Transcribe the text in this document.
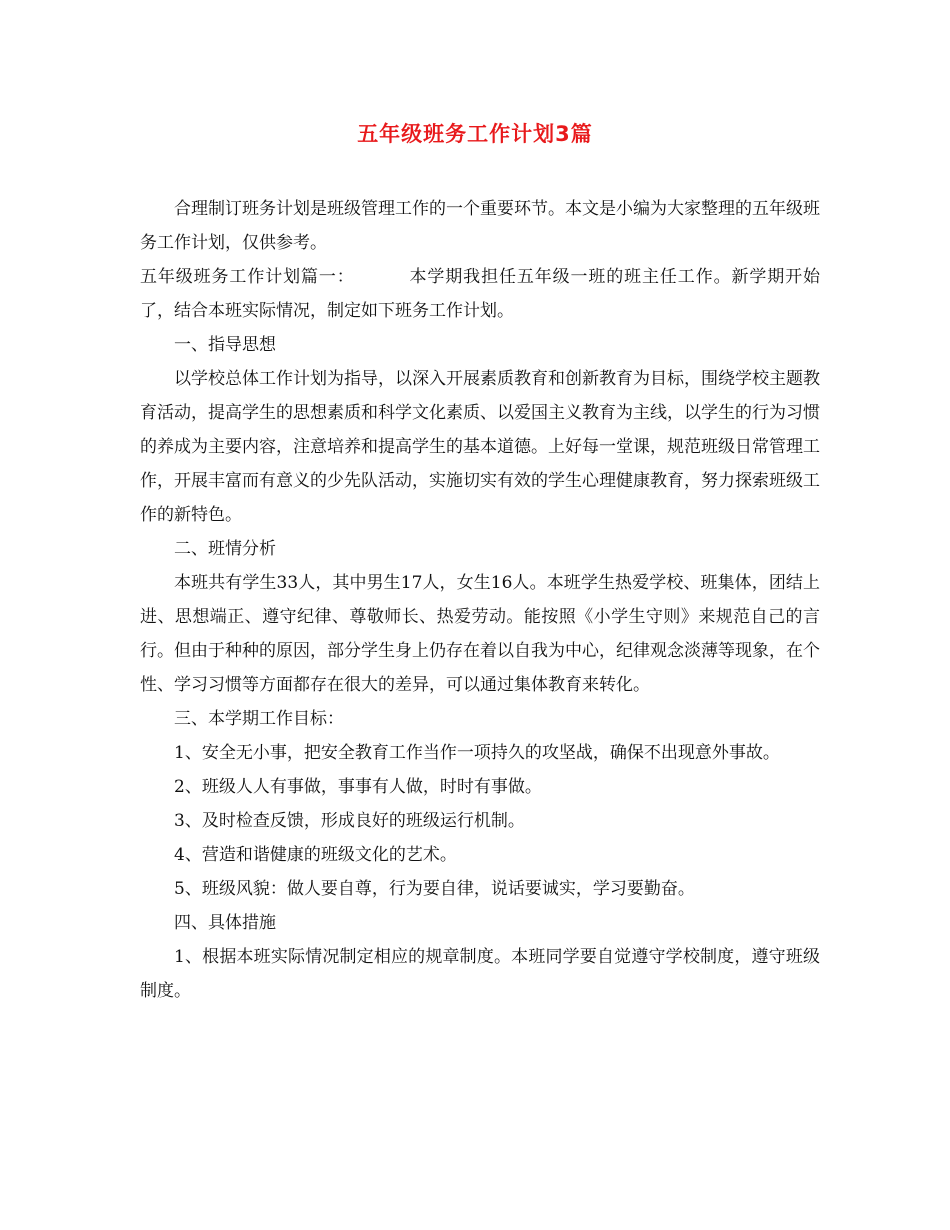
五年级班务工作计划3篇

合理制订班务计划是班级管理工作的一个重要环节。本文是小编为大家整理的五年级班务工作计划，仅供参考。

五年级班务工作计划篇一：	本学期我担任五年级一班的班主任工作。新学期开始了，结合本班实际情况，制定如下班务工作计划。

一、指导思想

以学校总体工作计划为指导，以深入开展素质教育和创新教育为目标，围绕学校主题教育活动，提高学生的思想素质和科学文化素质、以爱国主义教育为主线，以学生的行为习惯的养成为主要内容，注意培养和提高学生的基本道德。上好每一堂课，规范班级日常管理工作，开展丰富而有意义的少先队活动，实施切实有效的学生心理健康教育，努力探索班级工作的新特色。

二、班情分析

本班共有学生33人，其中男生17人，女生16人。本班学生热爱学校、班集体，团结上进、思想端正、遵守纪律、尊敬师长、热爱劳动。能按照《小学生守则》来规范自己的言行。但由于种种的原因，部分学生身上仍存在着以自我为中心，纪律观念淡薄等现象，在个性、学习习惯等方面都存在很大的差异，可以通过集体教育来转化。

三、本学期工作目标：

1、安全无小事，把安全教育工作当作一项持久的攻坚战，确保不出现意外事故。

2、班级人人有事做，事事有人做，时时有事做。

3、及时检查反馈，形成良好的班级运行机制。

4、营造和谐健康的班级文化的艺术。

5、班级风貌：做人要自尊，行为要自律，说话要诚实，学习要勤奋。

四、具体措施

1、根据本班实际情况制定相应的规章制度。本班同学要自觉遵守学校制度，遵守班级制度。
